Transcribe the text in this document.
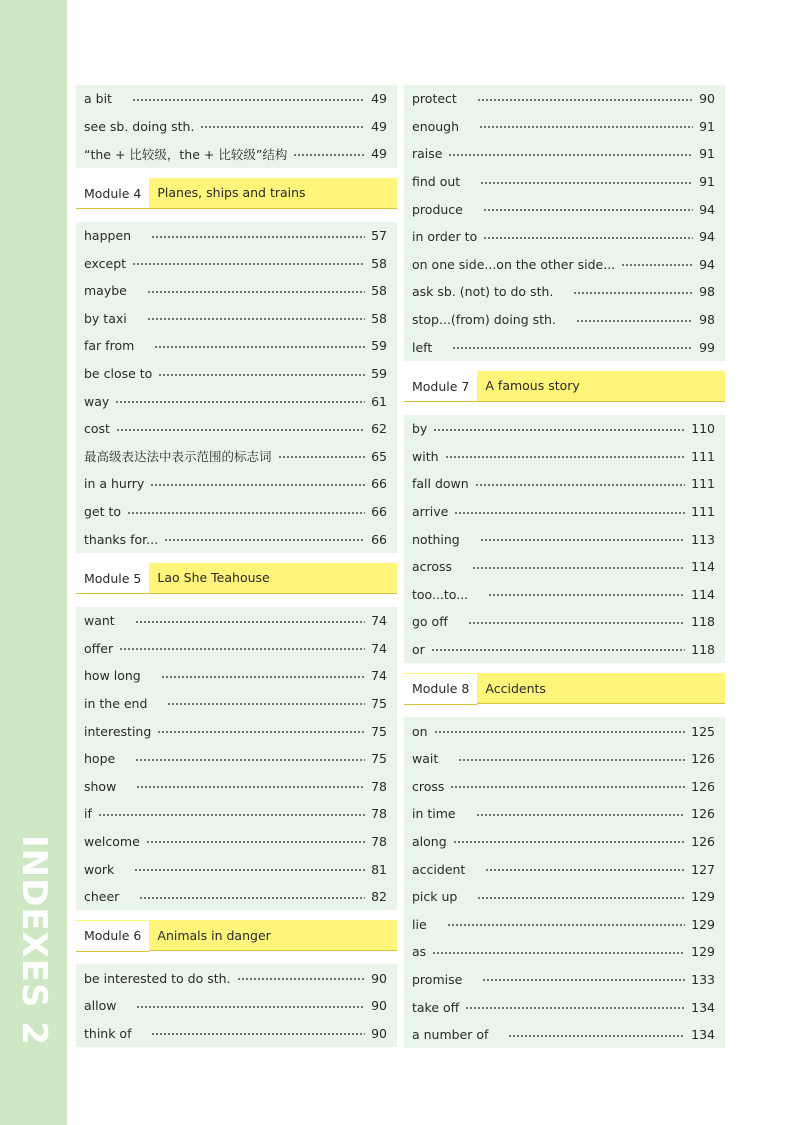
INDEXES 2
a bit	49
see sb. doing sth.	49
“the + 比较级，the + 比较级”结构	49
Module 4	Planes, ships and trains
happen	57
except	58
maybe	58
by taxi	58
far from	59
be close to	59
way	61
cost	62
最高级表达法中表示范围的标志词	65
in a hurry	66
get to	66
thanks for...	66
Module 5	Lao She Teahouse
want	74
offer	74
how long	74
in the end	75
interesting	75
hope	75
show	78
if	78
welcome	78
work	81
cheer	82
Module 6	Animals in danger
be interested to do sth.	90
allow	90
think of	90
protect	90
enough	91
raise	91
find out	91
produce	94
in order to	94
on one side...on the other side...	94
ask sb. (not) to do sth.	98
stop...(from) doing sth.	98
left	99
Module 7	A famous story
by	110
with	111
fall down	111
arrive	111
nothing	113
across	114
too...to...	114
go off	118
or	118
Module 8	Accidents
on	125
wait	126
cross	126
in time	126
along	126
accident	127
pick up	129
lie	129
as	129
promise	133
take off	134
a number of	134
